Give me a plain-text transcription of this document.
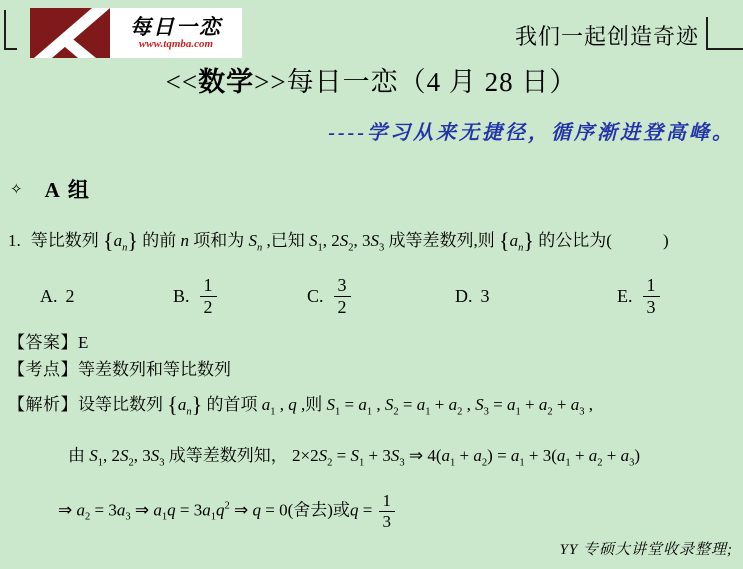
每日一恋
www.tqmba.com	我们一起创造奇迹
<<数学>>每日一恋（4 月 28 日）
----学习从来无捷径，循序渐进登高峰。
✧ A 组
1. 等比数列 $\{a_n\}$ 的前 n 项和为 $S_n$ ,已知 $S_1$, $2S_2$, $3S_3$ 成等差数列,则 $\{a_n\}$ 的公比为(　　　)
A. 2	B. $\frac{1}{2}$	C. $\frac{3}{2}$	D. 3	E. $\frac{1}{3}$
【答案】E
【考点】等差数列和等比数列
【解析】设等比数列 $\{a_n\}$ 的首项 $a_1$ , q ,则 $S_1 = a_1$ , $S_2 = a_1 + a_2$ , $S_3 = a_1 + a_2 + a_3$ ,
由 $S_1$, $2S_2$, $3S_3$ 成等差数列知， $2\times 2S_2 = S_1 + 3S_3$ ⇒ $4(a_1 + a_2) = a_1 + 3(a_1 + a_2 + a_3)$
⇒ $a_2 = 3a_3$ ⇒ $a_1q = 3a_1q^2$ ⇒ q = 0(舍去)或$q = \frac{1}{3}$
YY 专硕大讲堂收录整理;
